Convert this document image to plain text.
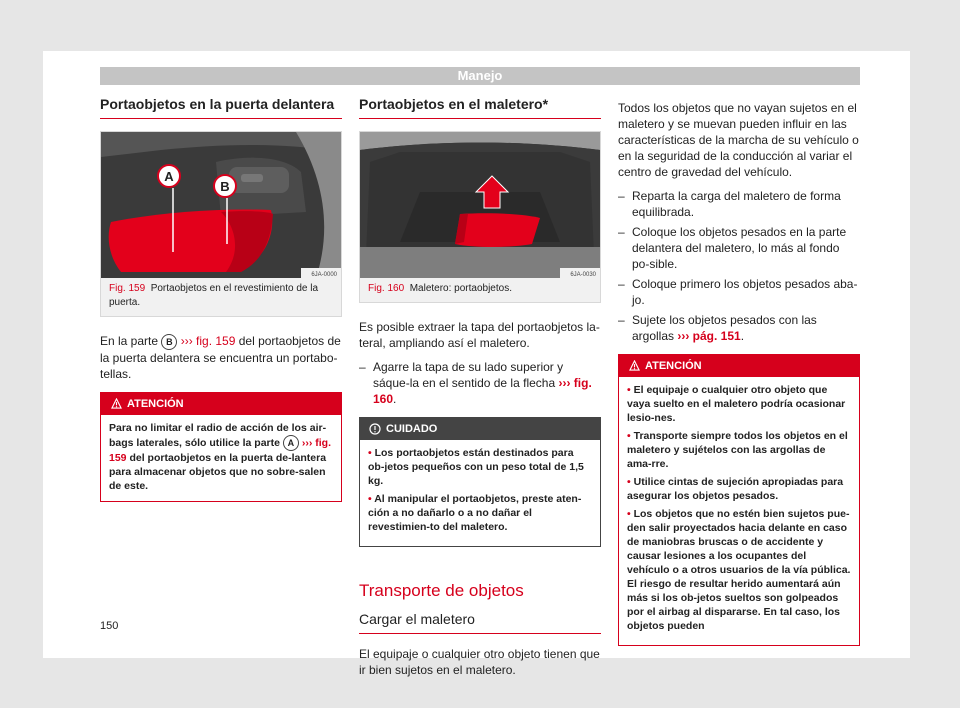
Manejo
Portaobjetos en la puerta delantera
A
B
6JA-0000
Fig. 159 Portaobjetos en el revestimiento de la puerta.

En la parte B ››› fig. 159 del portaobjetos de la puerta delantera se encuentra un portabo-tellas.

ATENCIÓN
Para no limitar el radio de acción de los air-bags laterales, sólo utilice la parte A ››› fig. 159 del portaobjetos en la puerta de-lantera para almacenar objetos que no sobre-salen de este.
Portaobjetos en el maletero*
6JA-0030
Fig. 160 Maletero: portaobjetos.

Es posible extraer la tapa del portaobjetos la-teral, ampliando así el maletero.

– Agarre la tapa de su lado superior y sáque-la en el sentido de la flecha ››› fig. 160.
CUIDADO
• Los portaobjetos están destinados para ob-jetos pequeños con un peso total de 1,5 kg.
• Al manipular el portaobjetos, preste aten-ción a no dañarlo o a no dañar el revestimien-to del maletero.
Transporte de objetos
Cargar el maletero

El equipaje o cualquier otro objeto tienen que ir bien sujetos en el maletero.

Todos los objetos que no vayan sujetos en el maletero y se muevan pueden influir en las características de la marcha de su vehículo o en la seguridad de la conducción al variar el centro de gravedad del vehículo.

– Reparta la carga del maletero de forma equilibrada.
– Coloque los objetos pesados en la parte delantera del maletero, lo más al fondo po-sible.
– Coloque primero los objetos pesados aba-jo.
– Sujete los objetos pesados con las argollas ››› pág. 151.
ATENCIÓN
• El equipaje o cualquier otro objeto que vaya suelto en el maletero podría ocasionar lesio-nes.
• Transporte siempre todos los objetos en el maletero y sujételos con las argollas de ama-rre.
• Utilice cintas de sujeción apropiadas para asegurar los objetos pesados.
• Los objetos que no estén bien sujetos pue-den salir proyectados hacia delante en caso de maniobras bruscas o de accidente y causar lesiones a los ocupantes del vehículo o a otros usuarios de la vía pública. El riesgo de resultar herido aumentará aún más si los ob-jetos sueltos son golpeados por el airbag al dispararse. En tal caso, los objetos pueden
150
